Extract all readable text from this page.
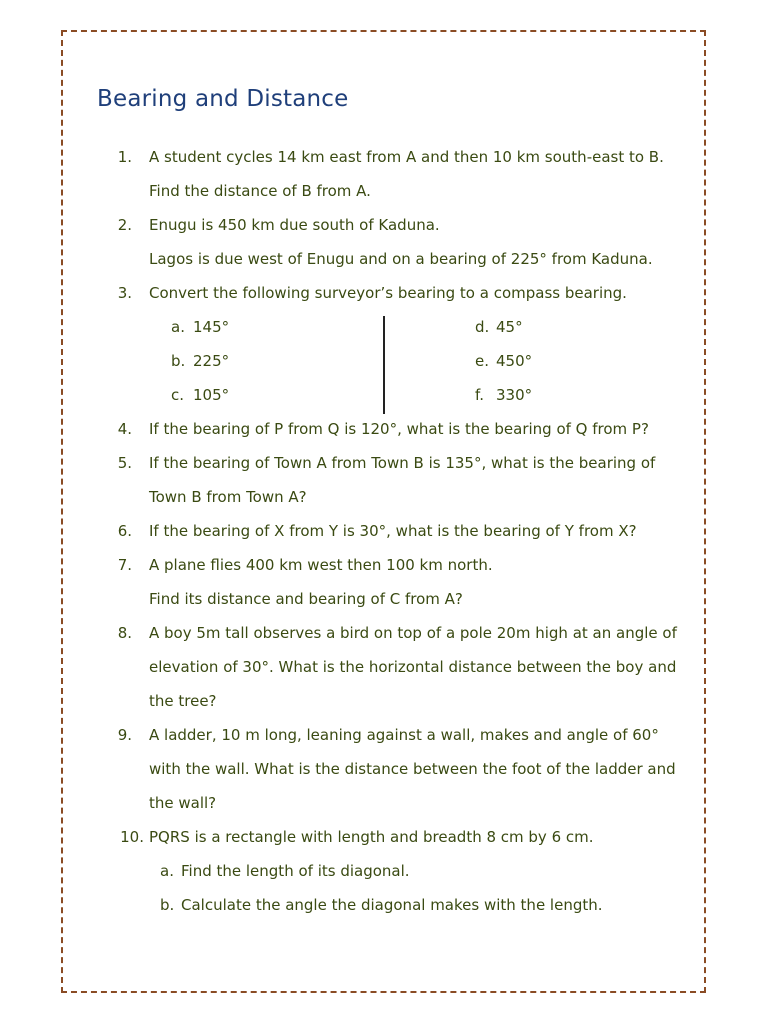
Bearing and Distance
1. A student cycles 14 km east from A and then 10 km south-east to B.
Find the distance of B from A.
2. Enugu is 450 km due south of Kaduna.
Lagos is due west of Enugu and on a bearing of 225° from Kaduna.
3. Convert the following surveyor’s bearing to a compass bearing.
a. 145°
b. 225°
c. 105°
d. 45°
e. 450°
f. 330°
4. If the bearing of P from Q is 120°, what is the bearing of Q from P?
5. If the bearing of Town A from Town B is 135°, what is the bearing of
Town B from Town A?
6. If the bearing of X from Y is 30°, what is the bearing of Y from X?
7. A plane flies 400 km west then 100 km north.
Find its distance and bearing of C from A?
8. A boy 5m tall observes a bird on top of a pole 20m high at an angle of
elevation of 30°. What is the horizontal distance between the boy and
the tree?
9. A ladder, 10 m long, leaning against a wall, makes and angle of 60°
with the wall. What is the distance between the foot of the ladder and
the wall?
10. PQRS is a rectangle with length and breadth 8 cm by 6 cm.
a. Find the length of its diagonal.
b. Calculate the angle the diagonal makes with the length.
